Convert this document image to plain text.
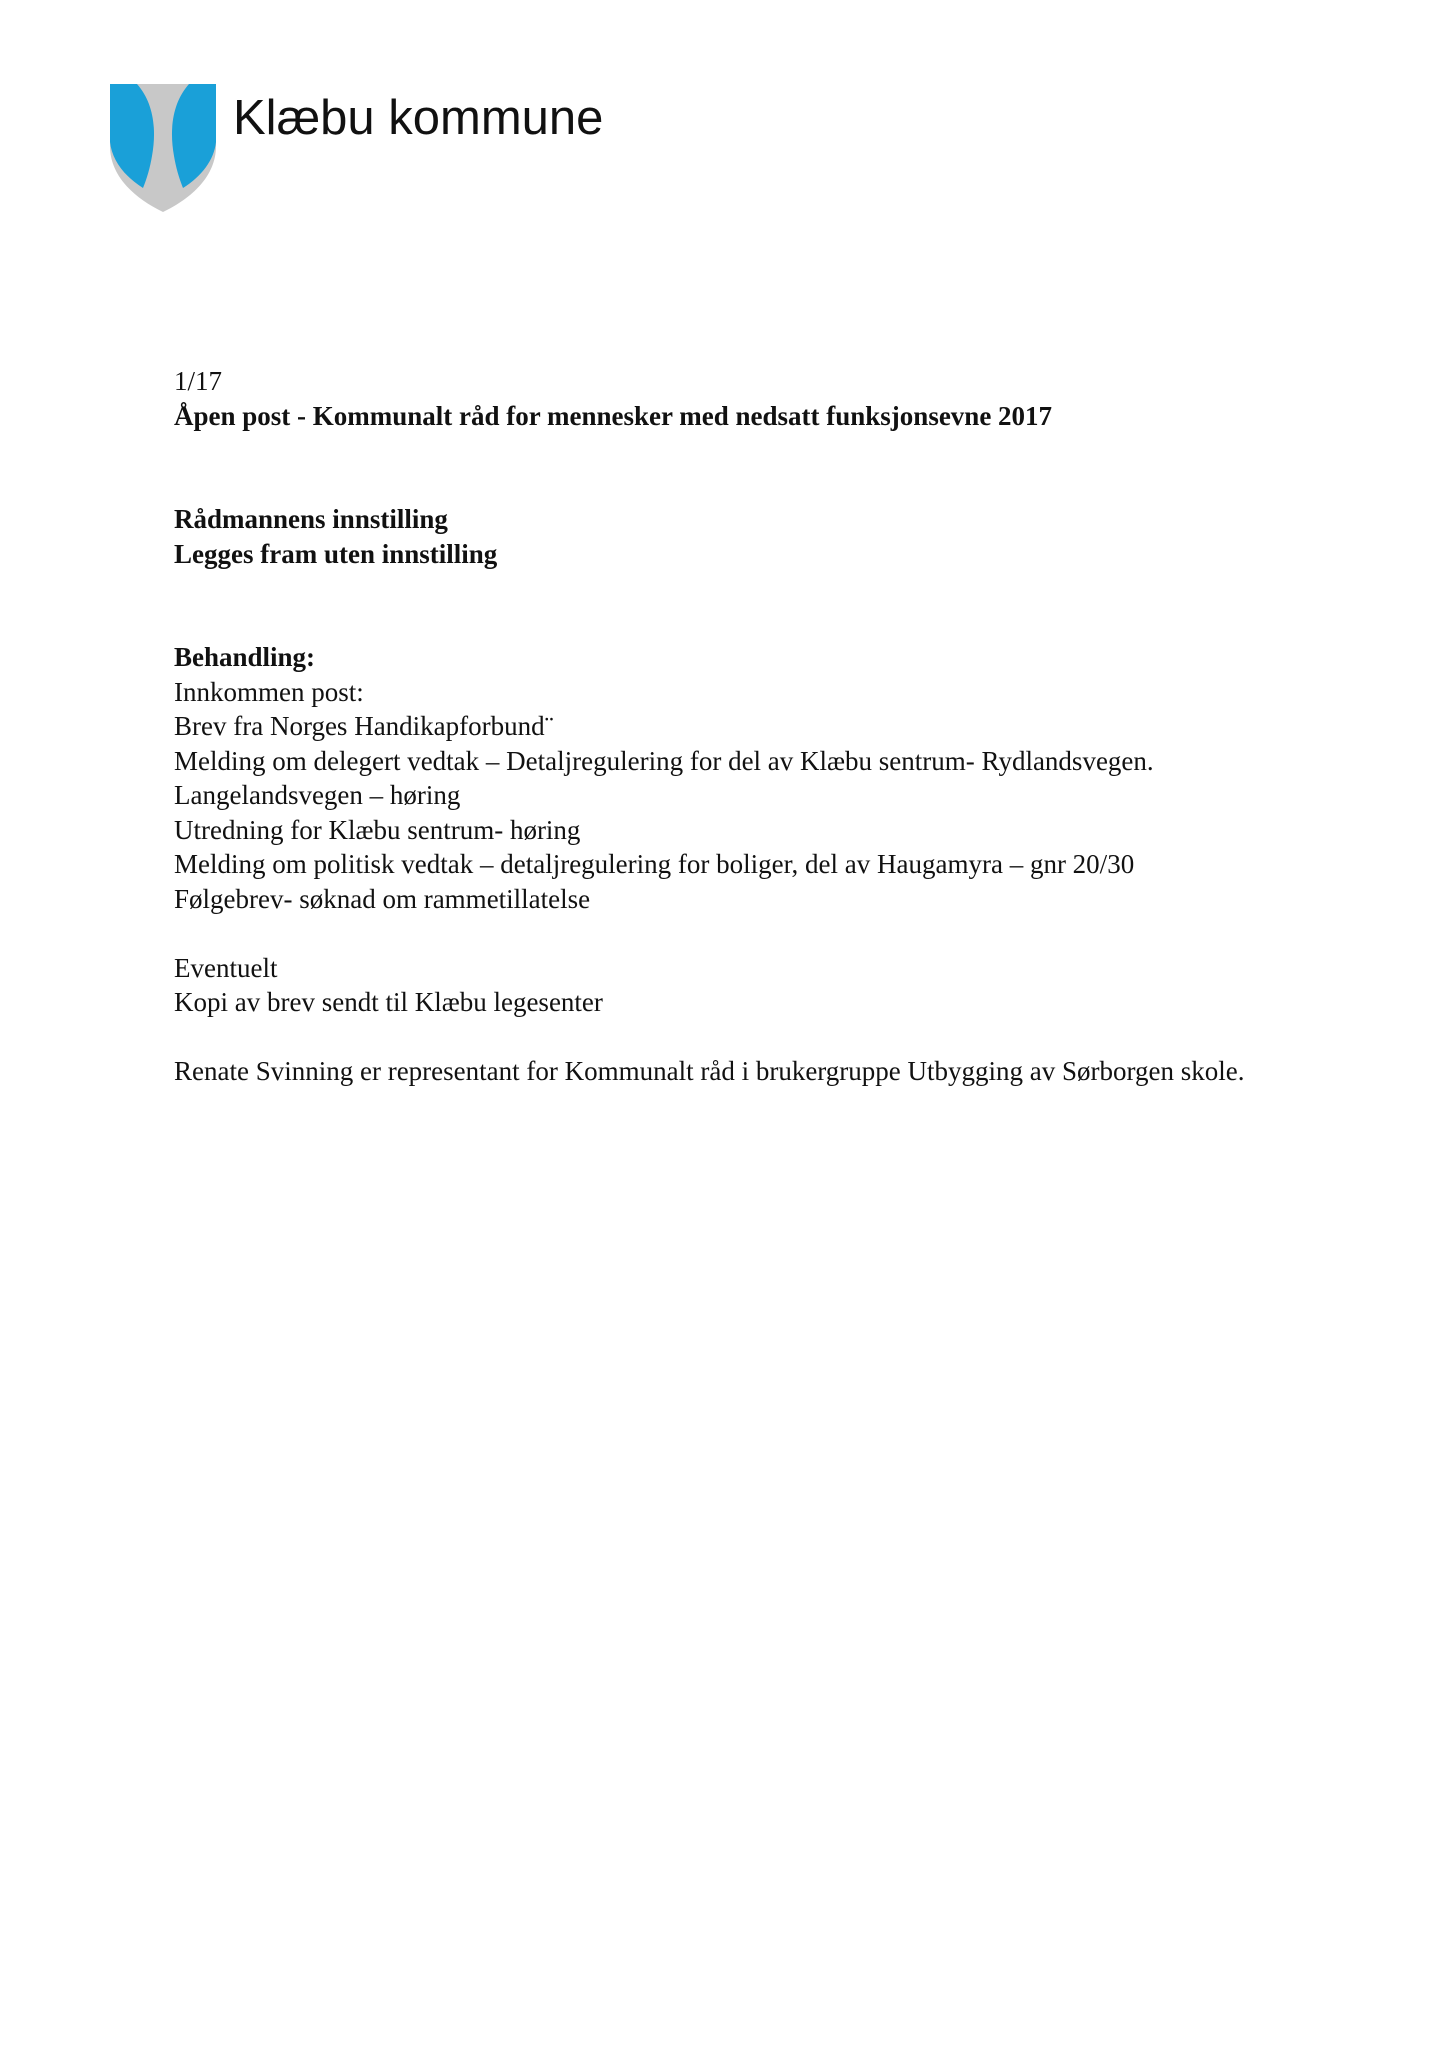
Klæbu kommune
1/17
Åpen post - Kommunalt råd for mennesker med nedsatt funksjonsevne 2017
Rådmannens innstilling
Legges fram uten innstilling
Behandling:
Innkommen post:
Brev fra Norges Handikapforbund¨
Melding om delegert vedtak – Detaljregulering for del av Klæbu sentrum- Rydlandsvegen.
Langelandsvegen – høring
Utredning for Klæbu sentrum- høring
Melding om politisk vedtak – detaljregulering for boliger, del av Haugamyra – gnr 20/30
Følgebrev- søknad om rammetillatelse
Eventuelt
Kopi av brev sendt til Klæbu legesenter
Renate Svinning er representant for Kommunalt råd i brukergruppe Utbygging av Sørborgen skole.
